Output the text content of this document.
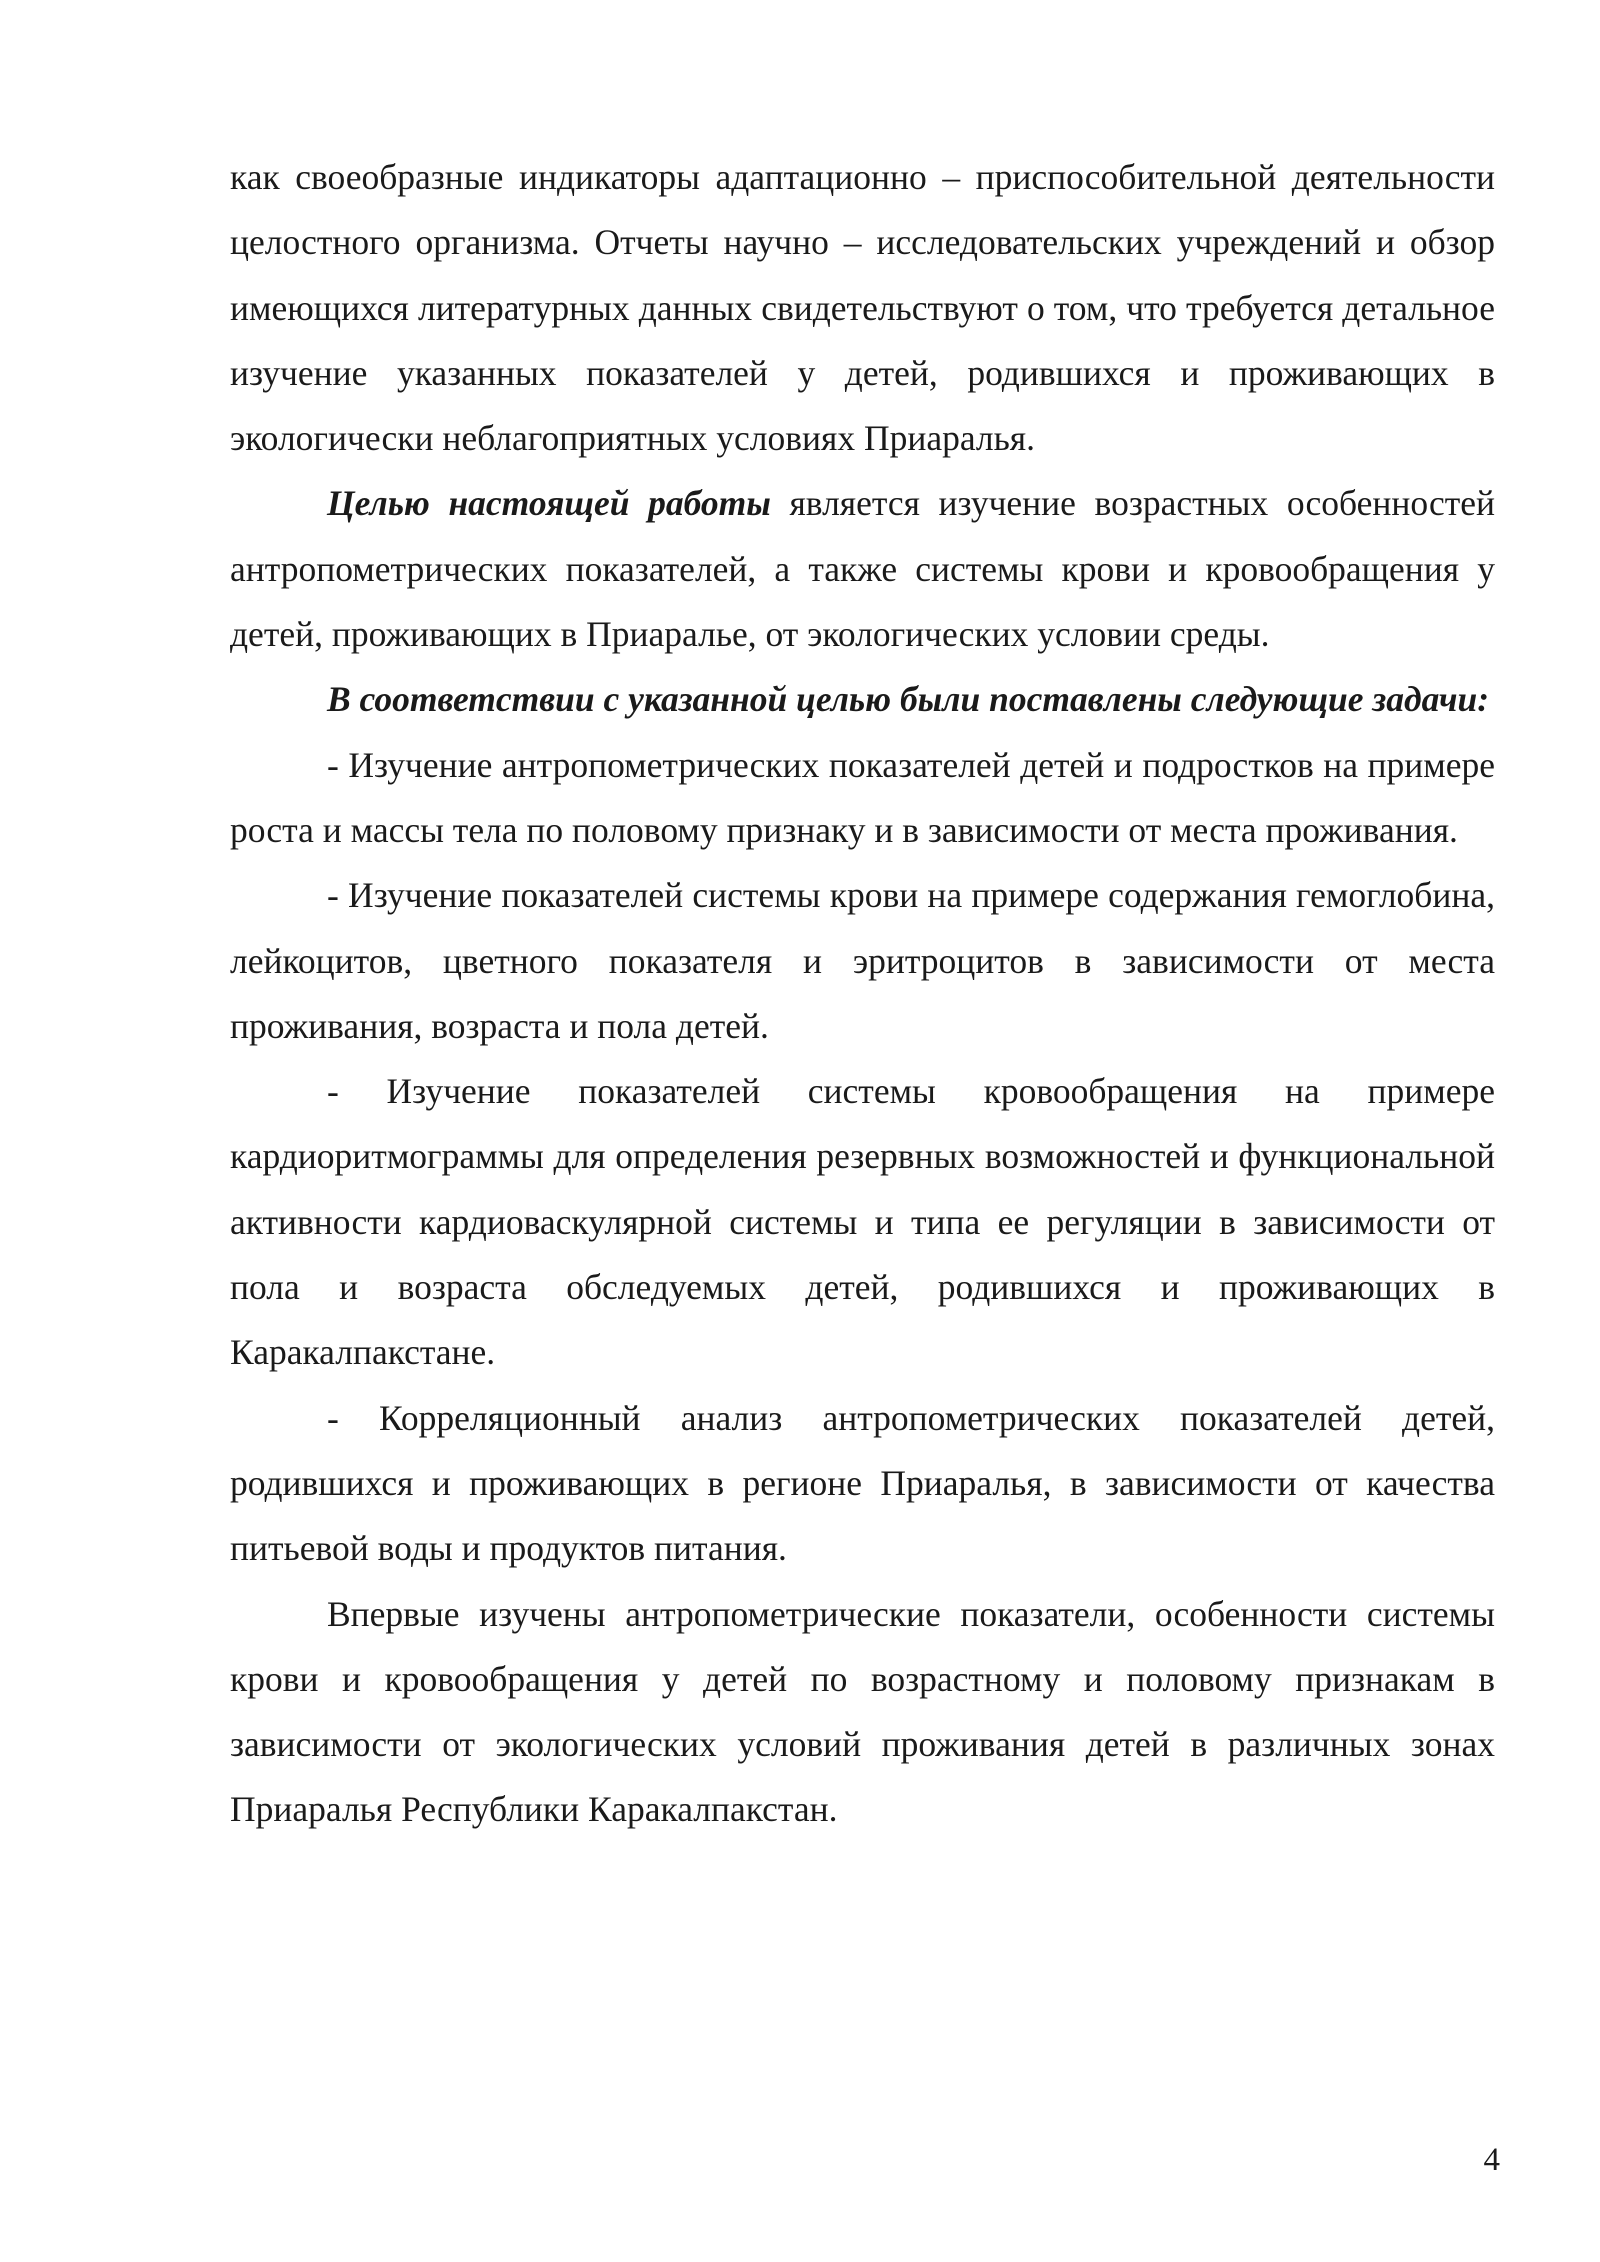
как своеобразные индикаторы адаптационно – приспособительной деятельности целостного организма. Отчеты научно – исследовательских учреждений и обзор имеющихся литературных данных свидетельствуют о том, что требуется детальное изучение указанных показателей у детей, родившихся и проживающих в экологически неблагоприятных условиях Приаралья.

Целью настоящей работы является изучение возрастных особенностей антропометрических показателей, а также системы крови и кровообращения у детей, проживающих в Приаралье, от экологических условии среды.

В соответствии с указанной целью были поставлены следующие задачи:

- Изучение антропометрических показателей детей и подростков на примере роста и массы тела по половому признаку и в зависимости от места проживания.

- Изучение показателей системы крови на примере содержания гемоглобина, лейкоцитов, цветного показателя и эритроцитов в зависимости от места проживания, возраста и пола детей.

- Изучение показателей системы кровообращения на примере кардиоритмограммы для определения резервных возможностей и функциональной активности кардиоваскулярной системы и типа ее регуляции в зависимости от пола и возраста обследуемых детей, родившихся и проживающих в Каракалпакстане.

- Корреляционный анализ антропометрических показателей детей, родившихся и проживающих в регионе Приаралья, в зависимости от качества питьевой воды и продуктов питания.

Впервые изучены антропометрические показатели, особенности системы крови и кровообращения у детей по возрастному и половому признакам в зависимости от экологических условий проживания детей в различных зонах Приаралья Республики Каракалпакстан.

4
